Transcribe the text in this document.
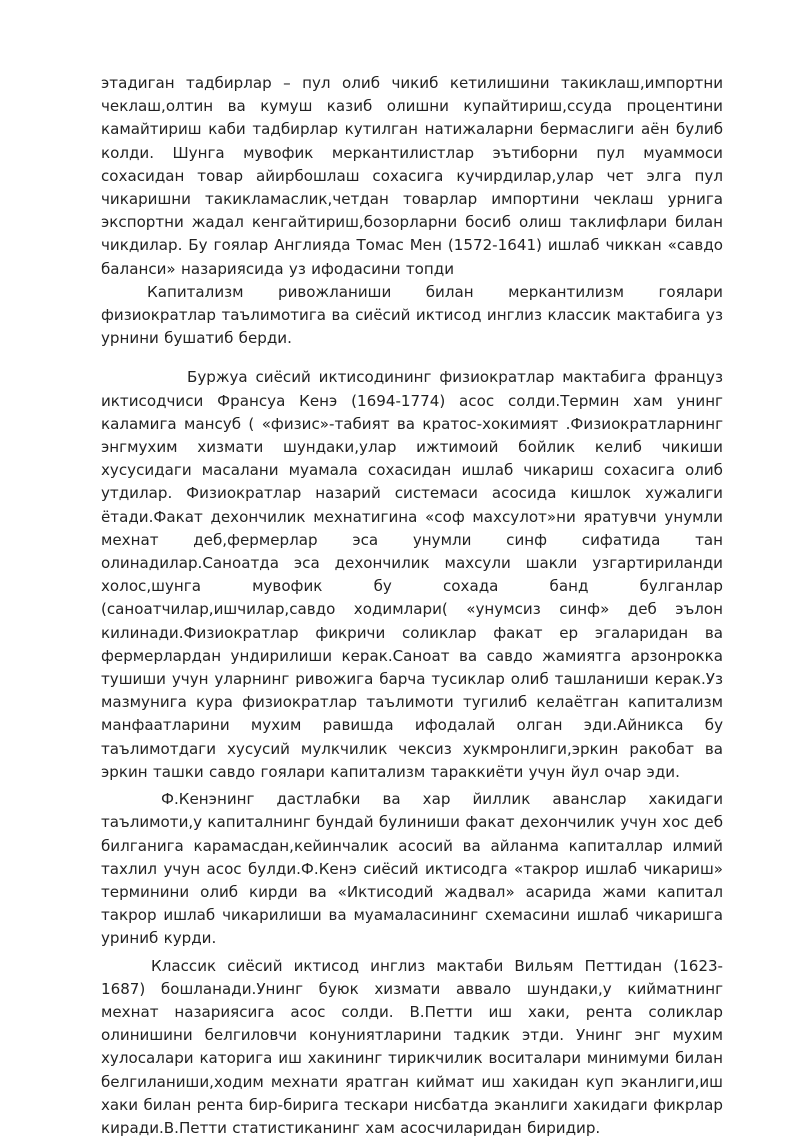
этадиган тадбирлар – пул олиб чикиб кетилишини такиклаш,импортни чеклаш,олтин ва кумуш казиб олишни купайтириш,ссуда процентини камайтириш каби тадбирлар кутилган натижаларни бермаслиги аён булиб колди. Шунга мувофик меркантилистлар эътиборни пул муаммоси сохасидан товар айирбошлаш сохасига кучирдилар,улар чет элга пул чикаришни такикламаслик,четдан товарлар импортини чеклаш урнига экспортни жадал кенгайтириш,бозорларни босиб олиш таклифлари билан чикдилар. Бу гоялар Англияда Томас Мен (1572-1641) ишлаб чиккан «савдо баланси» назариясида уз ифодасини топди

Капитализм ривожланиши билан меркантилизм гоялари физиократлар таълимотига ва сиёсий иктисод инглиз классик мактабига уз урнини бушатиб берди.

Буржуа сиёсий иктисодининг физиократлар мактабига француз иктисодчиси Франсуа Кенэ (1694-1774) асос солди.Термин хам унинг каламига мансуб ( «физис»-табият ва кратос-хокимият .Физиократларнинг энгмухим хизмати шундаки,улар ижтимоий бойлик келиб чикиши хусусидаги масалани муамала сохасидан ишлаб чикариш сохасига олиб утдилар. Физиократлар назарий системаси асосида кишлок хужалиги ётади.Факат дехончилик мехнатигина «соф махсулот»ни яратувчи унумли мехнат деб,фермерлар эса унумли синф сифатида тан олинадилар.Саноатда эса дехончилик махсули шакли узгартириланди холос,шунга мувофик бу сохада банд булганлар (саноатчилар,ишчилар,савдо ходимлари( «унумсиз синф» деб эълон килинади.Физиократлар фикричи соликлар факат ер эгаларидан ва фермерлардан ундирилиши керак.Саноат ва савдо жамиятга арзонрокка тушиши учун уларнинг ривожига барча тусиклар олиб ташланиши керак.Уз мазмунига кура физиократлар таълимоти тугилиб келаётган капитализм манфаатларини мухим равишда ифодалай олган эди.Айникса бу таълимотдаги хусусий мулкчилик чексиз хукмронлиги,эркин ракобат ва эркин ташки савдо гоялари капитализм тараккиёти учун йул очар эди.

Ф.Кенэнинг дастлабки ва хар йиллик аванслар хакидаги таълимоти,у капиталнинг бундай булиниши факат дехончилик учун хос деб билганига карамасдан,кейинчалик асосий ва айланма капиталлар илмий тахлил учун асос булди.Ф.Кенэ сиёсий иктисодга «такрор ишлаб чикариш» терминини олиб кирди ва «Иктисодий жадвал» асарида жами капитал такрор ишлаб чикарилиши ва муамаласининг схемасини ишлаб чикаришга уриниб курди.

Классик сиёсий иктисод инглиз мактаби Вильям Петтидан (1623-1687) бошланади.Унинг буюк хизмати аввало шундаки,у кийматнинг мехнат назариясига асос солди. В.Петти иш хаки, рента соликлар олинишини белгиловчи конуниятларини тадкик этди. Унинг энг мухим хулосалари каторига иш хакининг тирикчилик воситалари минимуми билан белгиланиши,ходим мехнати яратган киймат иш хакидан куп эканлиги,иш хаки билан рента бир-бирига тескари нисбатда эканлиги хакидаги фикрлар киради.В.Петти статистиканинг хам асосчиларидан биридир.
